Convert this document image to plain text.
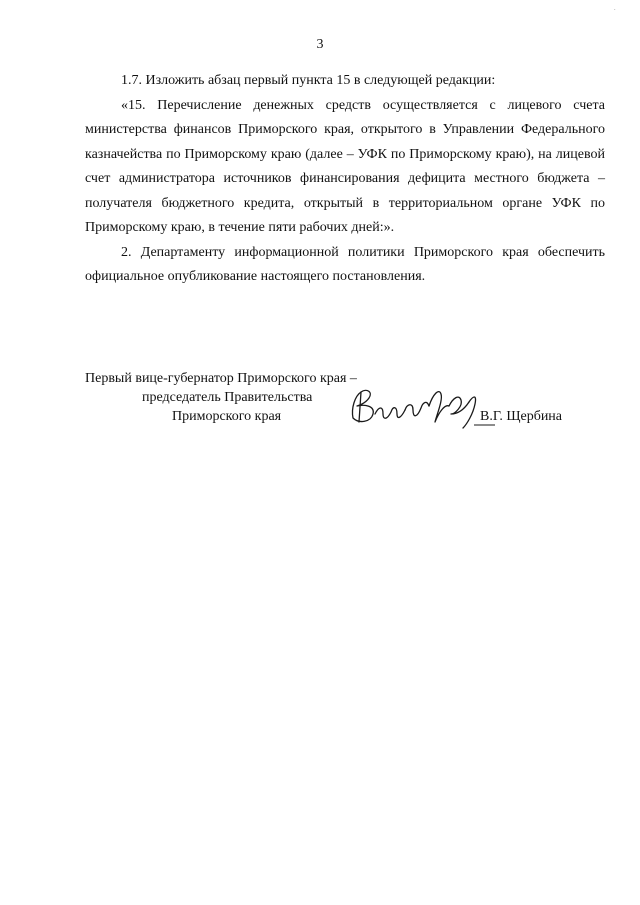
·
3

1.7. Изложить абзац первый пункта 15 в следующей редакции:

«15. Перечисление денежных средств осуществляется с лицевого счета министерства финансов Приморского края, открытого в Управлении Федерального казначейства по Приморскому краю (далее – УФК по Приморскому краю), на лицевой счет администратора источников финансирования дефицита местного бюджета – получателя бюджетного кредита, открытый в территориальном органе УФК по Приморскому краю, в течение пяти рабочих дней:».

2. Департаменту информационной политики Приморского края обеспечить официальное опубликование настоящего постановления.

Первый вице-губернатор Приморского края –
председатель Правительства
Приморского края	В.Г. Щербина
